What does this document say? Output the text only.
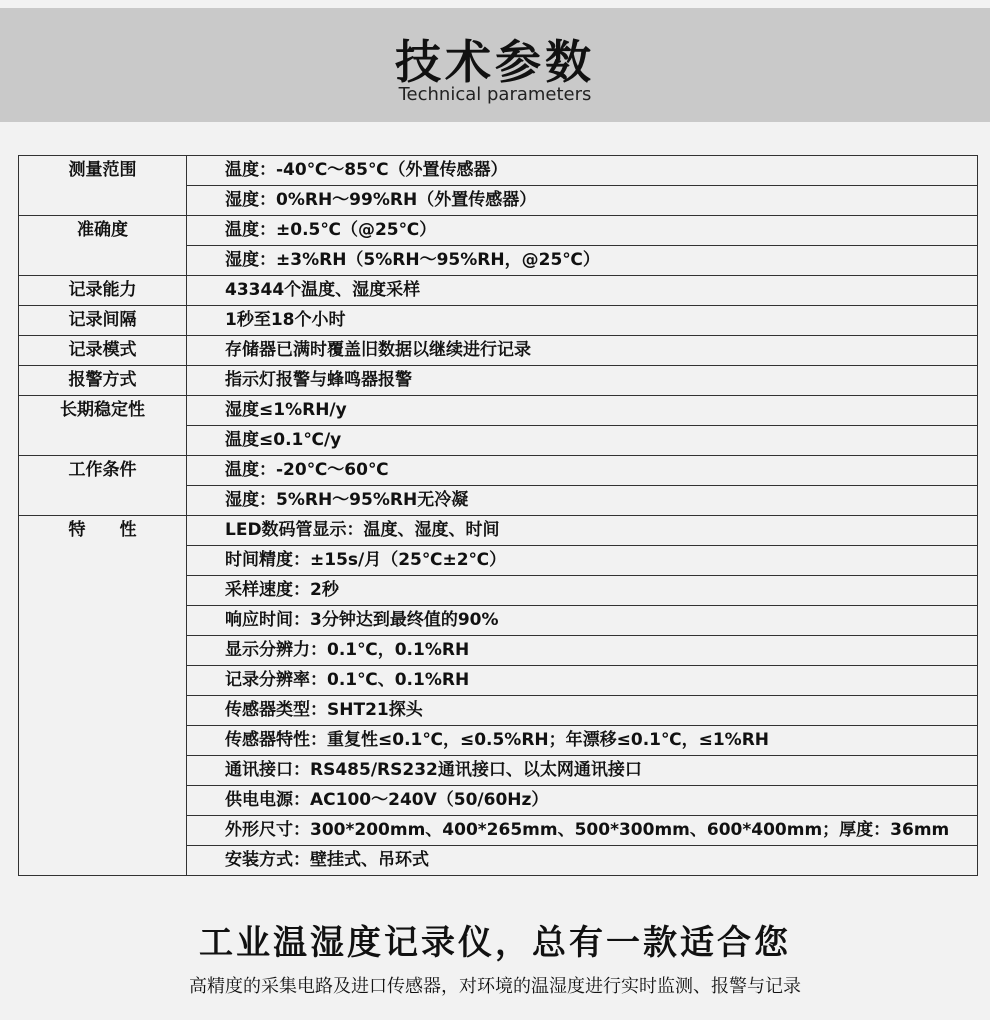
技术参数
Technical parameters
测量范围	温度：-40℃～85℃（外置传感器）
	湿度：0%RH～99%RH（外置传感器）
准确度	温度：±0.5℃（@25℃）
	湿度：±3%RH（5%RH～95%RH，@25℃）
记录能力	43344个温度、湿度采样
记录间隔	1秒至18个小时
记录模式	存储器已满时覆盖旧数据以继续进行记录
报警方式	指示灯报警与蜂鸣器报警
长期稳定性	湿度≤1%RH/y
	温度≤0.1℃/y
工作条件	温度：-20℃～60℃
	湿度：5%RH～95%RH无冷凝
特　　性	LED数码管显示：温度、湿度、时间
	时间精度：±15s/月（25℃±2℃）
	采样速度：2秒
	响应时间：3分钟达到最终值的90%
	显示分辨力：0.1℃，0.1%RH
	记录分辨率：0.1℃、0.1%RH
	传感器类型：SHT21探头
	传感器特性：重复性≤0.1℃，≤0.5%RH；年漂移≤0.1℃，≤1%RH
	通讯接口：RS485/RS232通讯接口、以太网通讯接口
	供电电源：AC100～240V（50/60Hz）
	外形尺寸：300*200mm、400*265mm、500*300mm、600*400mm；厚度：36mm
	安装方式：壁挂式、吊环式
工业温湿度记录仪，总有一款适合您
高精度的采集电路及进口传感器，对环境的温湿度进行实时监测、报警与记录
